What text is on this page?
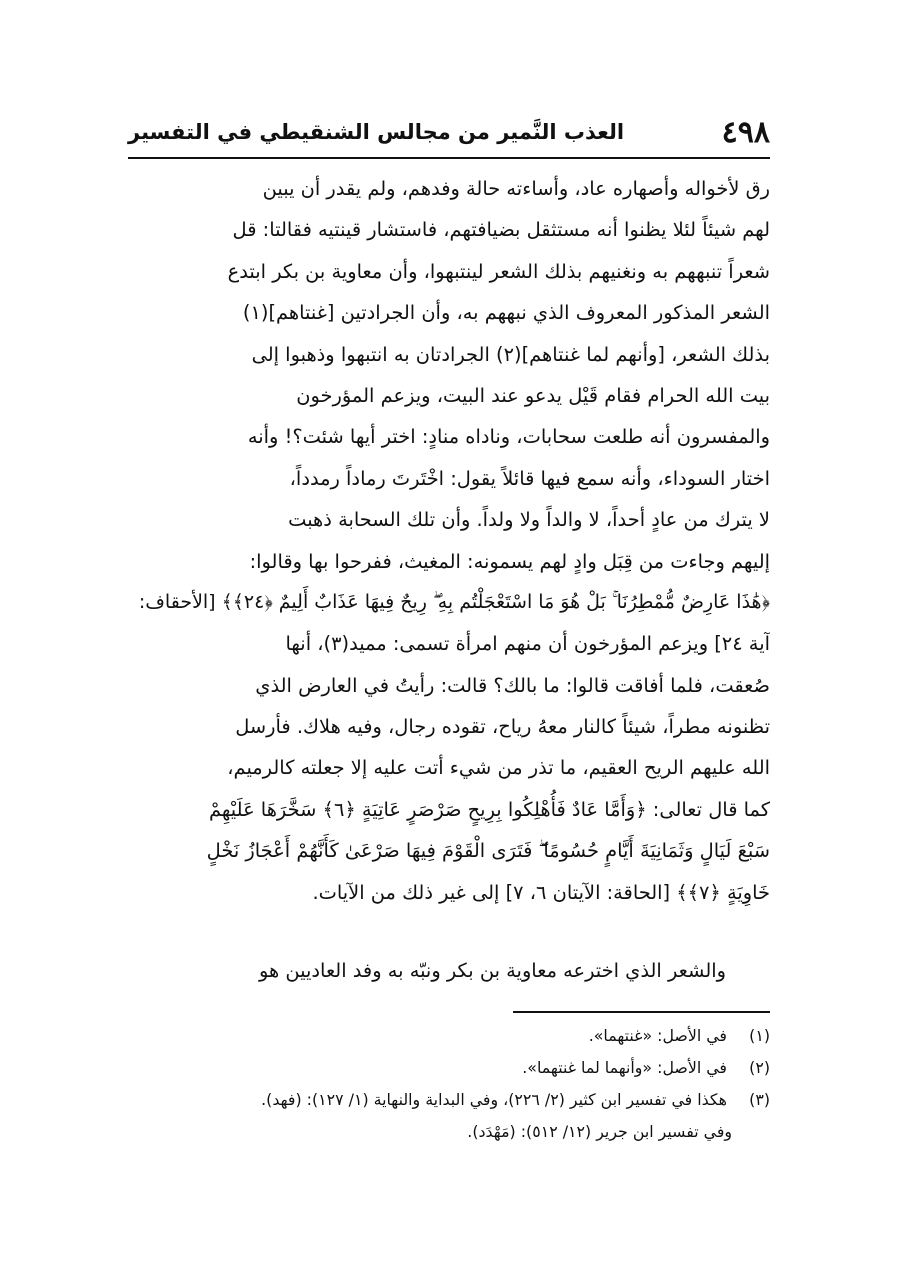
٤٩٨
العذب النَّمير من مجالس الشنقيطي في التفسير
رق لأخواله وأصهاره عاد، وأساءته حالة وفدهم، ولم يقدر أن يبين
لهم شيئاً لئلا يظنوا أنه مستثقل بضيافتهم، فاستشار قينتيه فقالتا: قل
شعراً تنبههم به ونغنيهم بذلك الشعر لينتبهوا، وأن معاوية بن بكر ابتدع
الشعر المذكور المعروف الذي نبههم به، وأن الجرادتين [غنتاهم](١)
بذلك الشعر، [وأنهم لما غنتاهم](٢) الجرادتان به انتبهوا وذهبوا إلى
بيت الله الحرام فقام قَيْل يدعو عند البيت، ويزعم المؤرخون
والمفسرون أنه طلعت سحابات، وناداه منادٍ: اختر أيها شئت؟! وأنه
اختار السوداء، وأنه سمع فيها قائلاً يقول: اخْتَرتَ رماداً رمدداً،
لا يترك من عادٍ أحداً، لا والداً ولا ولداً. وأن تلك السحابة ذهبت
إليهم وجاءت من قِبَل وادٍ لهم يسمونه: المغيث، ففرحوا بها وقالوا:
﴿هَٰذَا عَارِضٌ مُّمْطِرُنَا ۚ بَلْ هُوَ مَا اسْتَعْجَلْتُم بِهِ ۖ رِيحٌ فِيهَا عَذَابٌ أَلِيمٌ ﴿٢٤﴾﴾ [الأحقاف:
آية ٢٤] ويزعم المؤرخون أن منهم امرأة تسمى: مميد(٣)، أنها
صُعقت، فلما أفاقت قالوا: ما بالك؟ قالت: رأيتُ في العارض الذي
تظنونه مطراً، شيئاً كالنار معهُ رياح، تقوده رجال، وفيه هلاك. فأرسل
الله عليهم الريح العقيم، ما تذر من شيء أتت عليه إلا جعلته كالرميم،
كما قال تعالى: ﴿وَأَمَّا عَادٌ فَأُهْلِكُوا بِرِيحٍ صَرْصَرٍ عَاتِيَةٍ ﴿٦﴾ سَخَّرَهَا عَلَيْهِمْ
سَبْعَ لَيَالٍ وَثَمَانِيَةَ أَيَّامٍ حُسُومًا ۖ فَتَرَى الْقَوْمَ فِيهَا صَرْعَىٰ كَأَنَّهُمْ أَعْجَازُ نَخْلٍ
خَاوِيَةٍ ﴿٧﴾﴾ [الحاقة: الآيتان ٦، ٧] إلى غير ذلك من الآيات.
والشعر الذي اخترعه معاوية بن بكر ونبّه به وفد العاديين هو
(١) في الأصل: «غنتهما».
(٢) في الأصل: «وأنهما لما غنتهما».
(٣) هكذا في تفسير ابن كثير (٢/ ٢٢٦)، وفي البداية والنهاية (١/ ١٢٧): (فهد).
وفي تفسير ابن جرير (١٢/ ٥١٢): (مَهْدَد).
